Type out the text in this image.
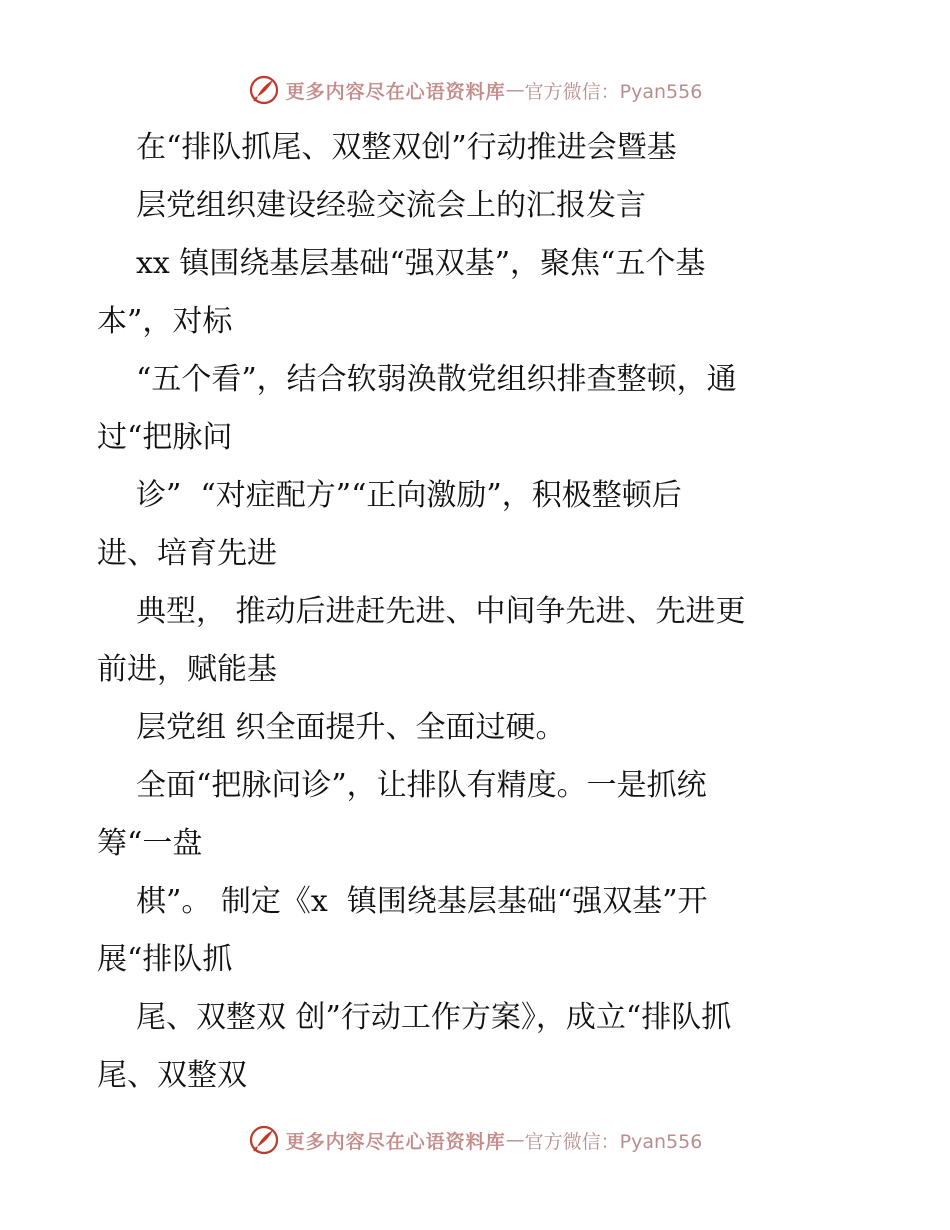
更多内容尽在心语资料库 — 官方微信：Pyan556
在“排队抓尾、双整双创”行动推进会暨基
层党组织建设经验交流会上的汇报发言
xx 镇围绕基层基础“强双基”，聚焦“五个基
本”，对标
“五个看”，结合软弱涣散党组织排查整顿，通
过“把脉问
诊”  “对症配方”“正向激励”，积极整顿后
进、培育先进
典型， 推动后进赶先进、中间争先进、先进更
前进，赋能基
层党组 织全面提升、全面过硬。
全面“把脉问诊”，让排队有精度。一是抓统
筹“一盘
棋”。 制定《x  镇围绕基层基础“强双基”开
展“排队抓
尾、双整双 创”行动工作方案》，成立“排队抓
尾、双整双
更多内容尽在心语资料库 — 官方微信：Pyan556
